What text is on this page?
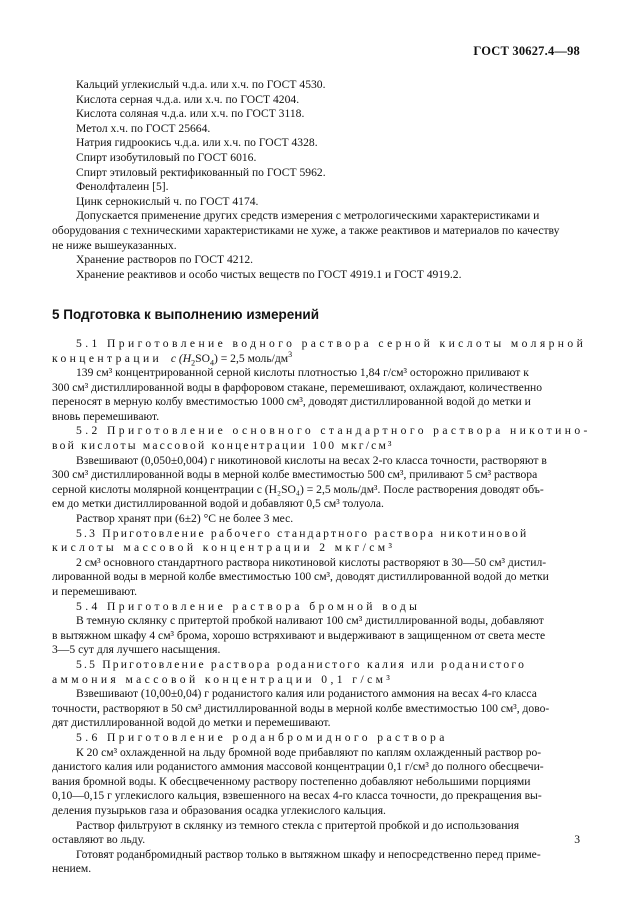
ГОСТ 30627.4—98
Кальций углекислый ч.д.а. или х.ч. по ГОСТ 4530.
Кислота серная ч.д.а. или х.ч. по ГОСТ 4204.
Кислота соляная ч.д.а. или х.ч. по ГОСТ 3118.
Метол х.ч. по ГОСТ 25664.
Натрия гидроокись ч.д.а. или х.ч. по ГОСТ 4328.
Спирт изобутиловый по ГОСТ 6016.
Спирт этиловый ректификованный по ГОСТ 5962.
Фенолфталеин [5].
Цинк сернокислый ч. по ГОСТ 4174.
Допускается применение других средств измерения с метрологическими характеристиками и
оборудования с техническими характеристиками не хуже, а также реактивов и материалов по качеству
не ниже вышеуказанных.
Хранение растворов по ГОСТ 4212.
Хранение реактивов и особо чистых веществ по ГОСТ 4919.1 и ГОСТ 4919.2.
5 Подготовка к выполнению измерений
5.1 Приготовление водного раствора серной кислоты молярной
концентрации с $(H_2SO_4) = 2,5$ моль/$дм^3$
139 см³ концентрированной серной кислоты плотностью 1,84 г/см³ осторожно приливают к
300 см³ дистиллированной воды в фарфоровом стакане, перемешивают, охлаждают, количественно
переносят в мерную колбу вместимостью 1000 см³, доводят дистиллированной водой до метки и
вновь перемешивают.
5.2 Приготовление основного стандартного раствора никотино-
вой кислоты массовой концентрации 100 мкг/см³
Взвешивают (0,050±0,004) г никотиновой кислоты на весах 2-го класса точности, растворяют в
300 см³ дистиллированной воды в мерной колбе вместимостью 500 см³, приливают 5 см³ раствора
серной кислоты молярной концентрации с (H₂SO₄) = 2,5 моль/дм³. После растворения доводят объ-
ем до метки дистиллированной водой и добавляют 0,5 см³ толуола.
Раствор хранят при (6±2) °С не более 3 мес.
5.3 Приготовление рабочего стандартного раствора никотиновой
кислоты массовой концентрации 2 мкг/см³
2 см³ основного стандартного раствора никотиновой кислоты растворяют в 30—50 см³ дистил-
лированной воды в мерной колбе вместимостью 100 см³, доводят дистиллированной водой до метки
и перемешивают.
5.4 Приготовление раствора бромной воды
В темную склянку с притертой пробкой наливают 100 см³ дистиллированной воды, добавляют
в вытяжном шкафу 4 см³ брома, хорошо встряхивают и выдерживают в защищенном от света месте
3—5 сут для лучшего насыщения.
5.5 Приготовление раствора роданистого калия или роданистого
аммония массовой концентрации 0,1 г/см³
Взвешивают (10,00±0,04) г роданистого калия или роданистого аммония на весах 4-го класса
точности, растворяют в 50 см³ дистиллированной воды в мерной колбе вместимостью 100 см³, дово-
дят дистиллированной водой до метки и перемешивают.
5.6 Приготовление роданбромидного раствора
К 20 см³ охлажденной на льду бромной воде прибавляют по каплям охлажденный раствор ро-
данистого калия или роданистого аммония массовой концентрации 0,1 г/см³ до полного обесцвечи-
вания бромной воды. К обесцвеченному раствору постепенно добавляют небольшими порциями
0,10—0,15 г углекислого кальция, взвешенного на весах 4-го класса точности, до прекращения вы-
деления пузырьков газа и образования осадка углекислого кальция.
Раствор фильтруют в склянку из темного стекла с притертой пробкой и до использования
оставляют во льду.
Готовят роданбромидный раствор только в вытяжном шкафу и непосредственно перед приме-
нением.
3
